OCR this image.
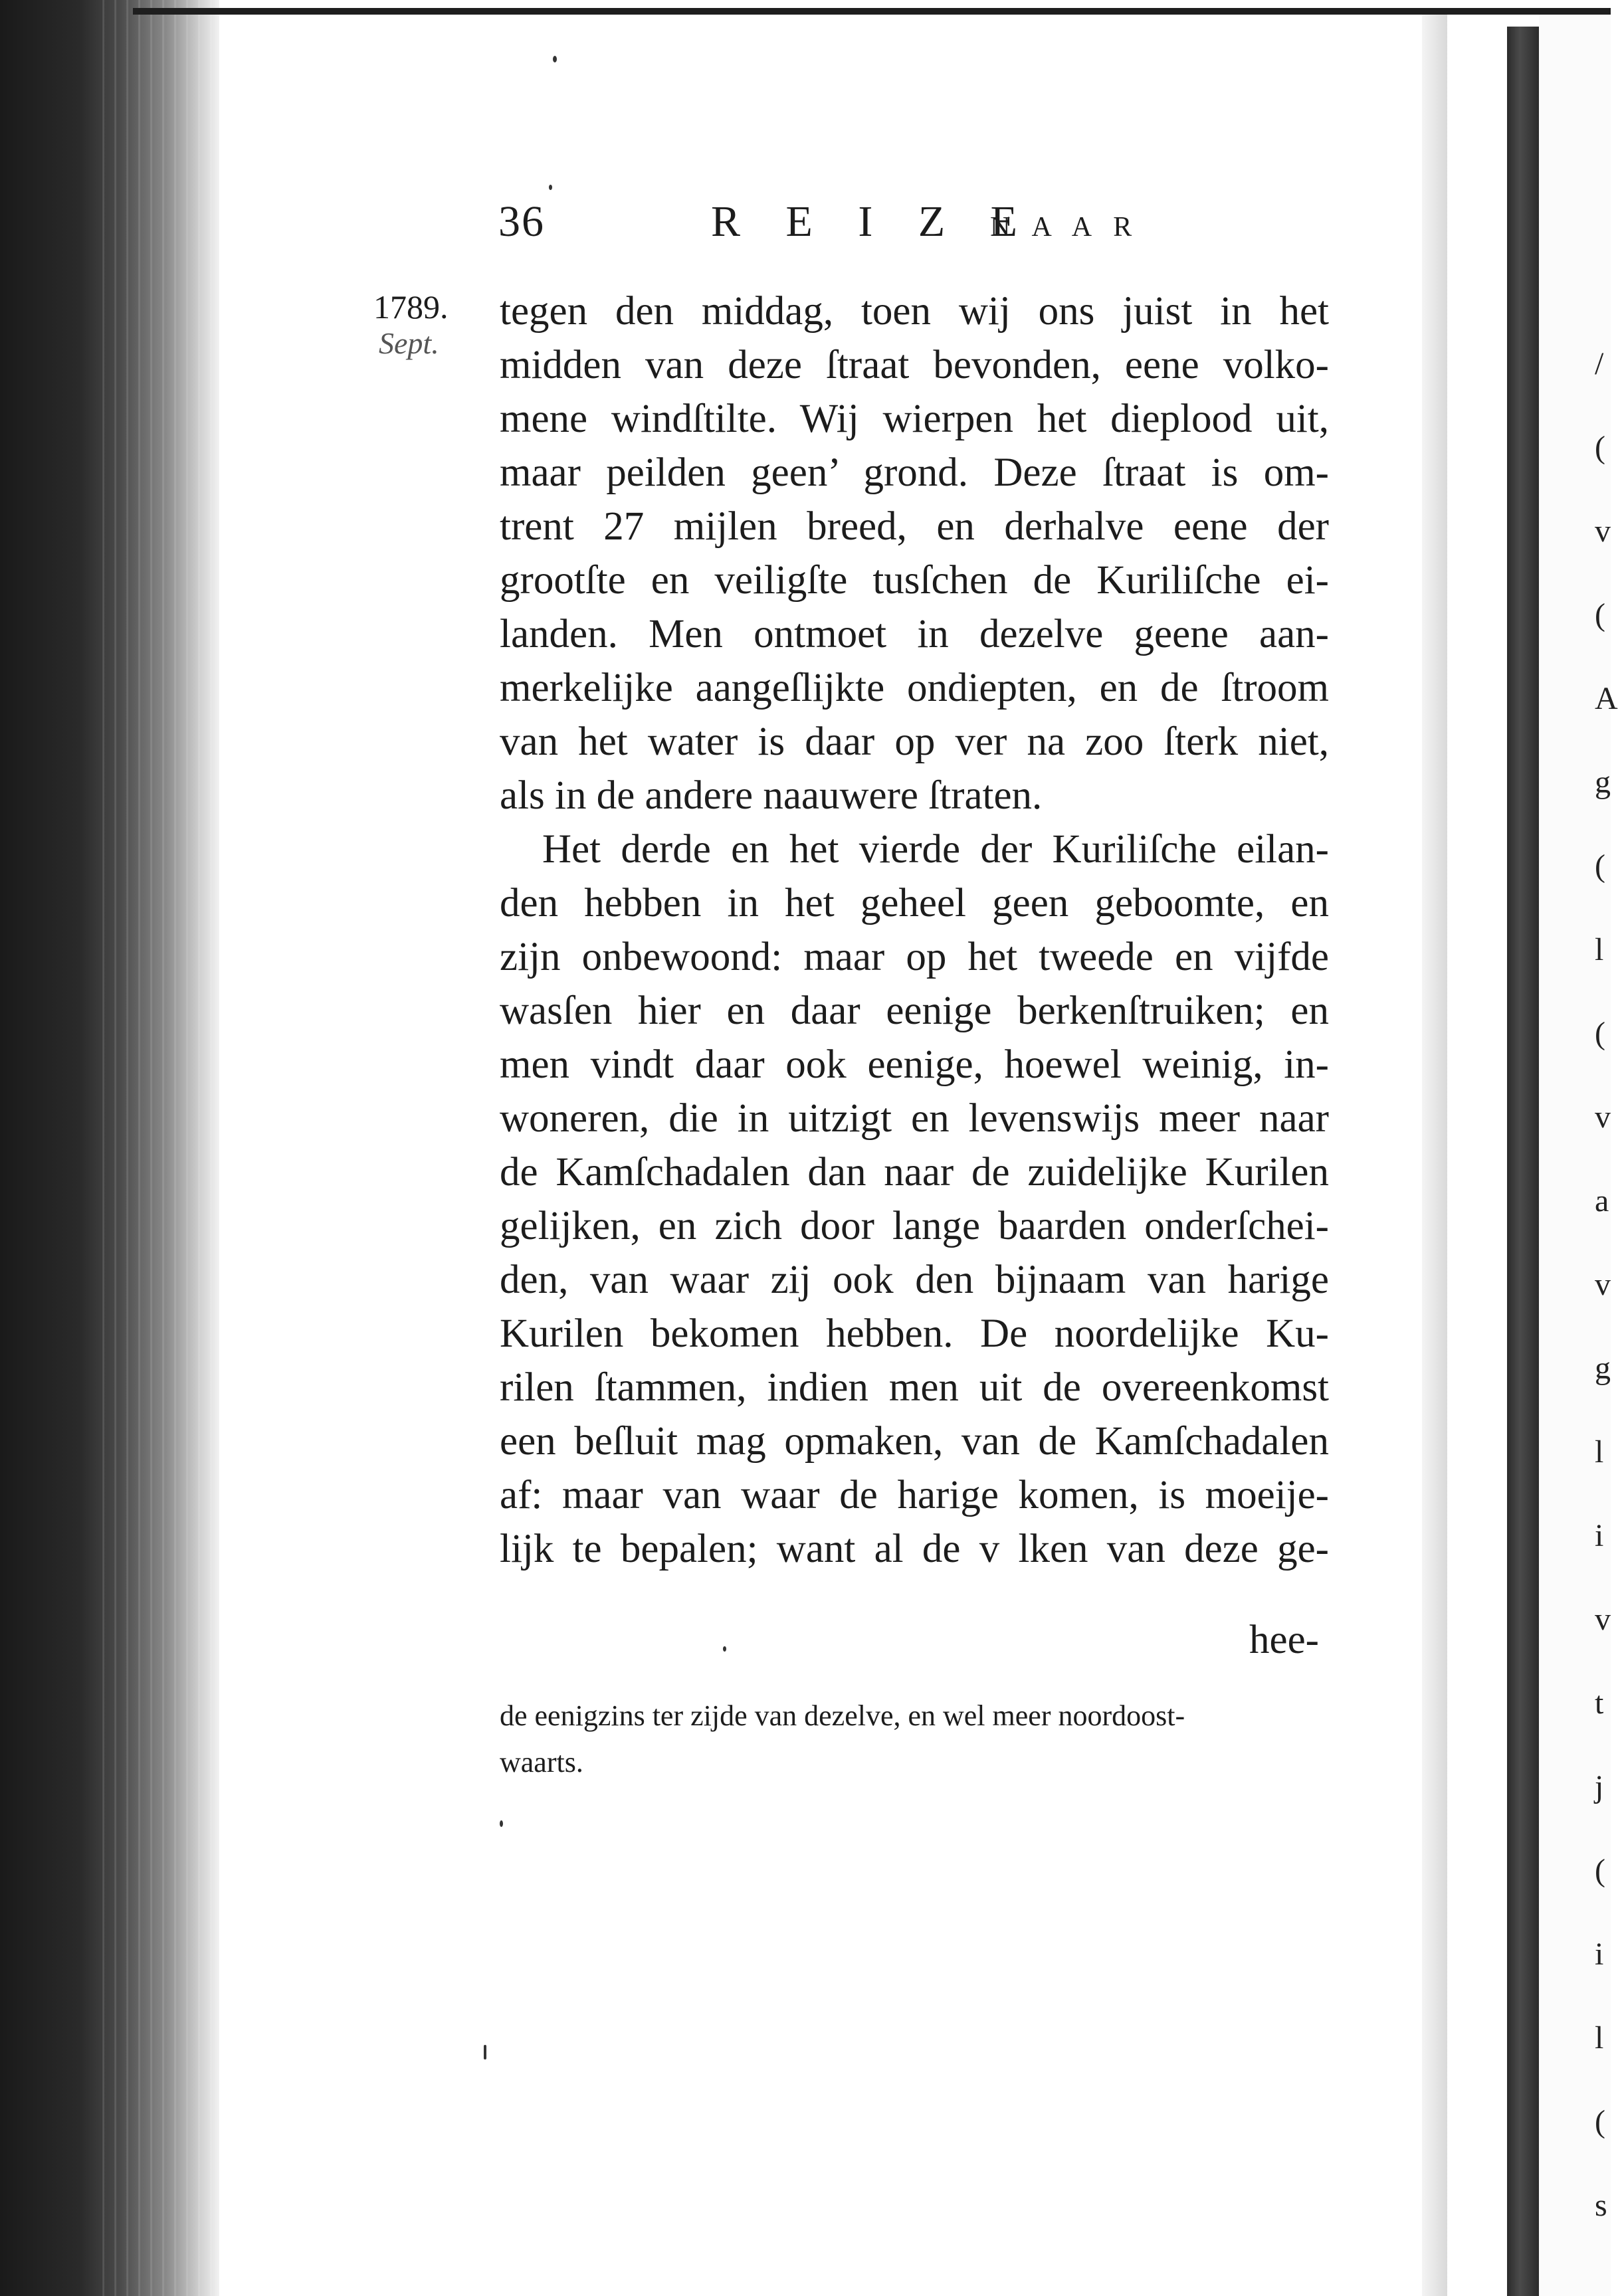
36	R E I Z E
N A A R
1789.
Sept.
tegen den middag, toen wij ons juist in het
midden van deze ſtraat bevonden, eene volko-
mene windſtilte. Wij wierpen het dieplood uit,
maar peilden geen’ grond. Deze ſtraat is om-
trent 27 mijlen breed, en derhalve eene der
grootſte en veiligſte tusſchen de Kuriliſche ei-
landen. Men ontmoet in dezelve geene aan-
merkelijke aangeſlijkte ondiepten, en de ſtroom
van het water is daar op ver na zoo ſterk niet,
als in de andere naauwere ſtraten.
Het derde en het vierde der Kuriliſche eilan-
den hebben in het geheel geen geboomte, en
zijn onbewoond: maar op het tweede en vijfde
wasſen hier en daar eenige berkenſtruiken; en
men vindt daar ook eenige, hoewel weinig, in-
woneren, die in uitzigt en levenswijs meer naar
de Kamſchadalen dan naar de zuidelijke Kurilen
gelijken, en zich door lange baarden onderſchei-
den, van waar zij ook den bijnaam van harige
Kurilen bekomen hebben. De noordelijke Ku-
rilen ſtammen, indien men uit de overeenkomst
een beſluit mag opmaken, van de Kamſchadalen
af: maar van waar de harige komen, is moeije-
lijk te bepalen; want al de v lken van deze ge-
hee-
de eenigzins ter zijde van dezelve, en wel meer noordoost-
waarts.
/
(
v
(
A
g
(
l
(
v
a
v
g
l
i
v
t
j
(
i
l
(
s
